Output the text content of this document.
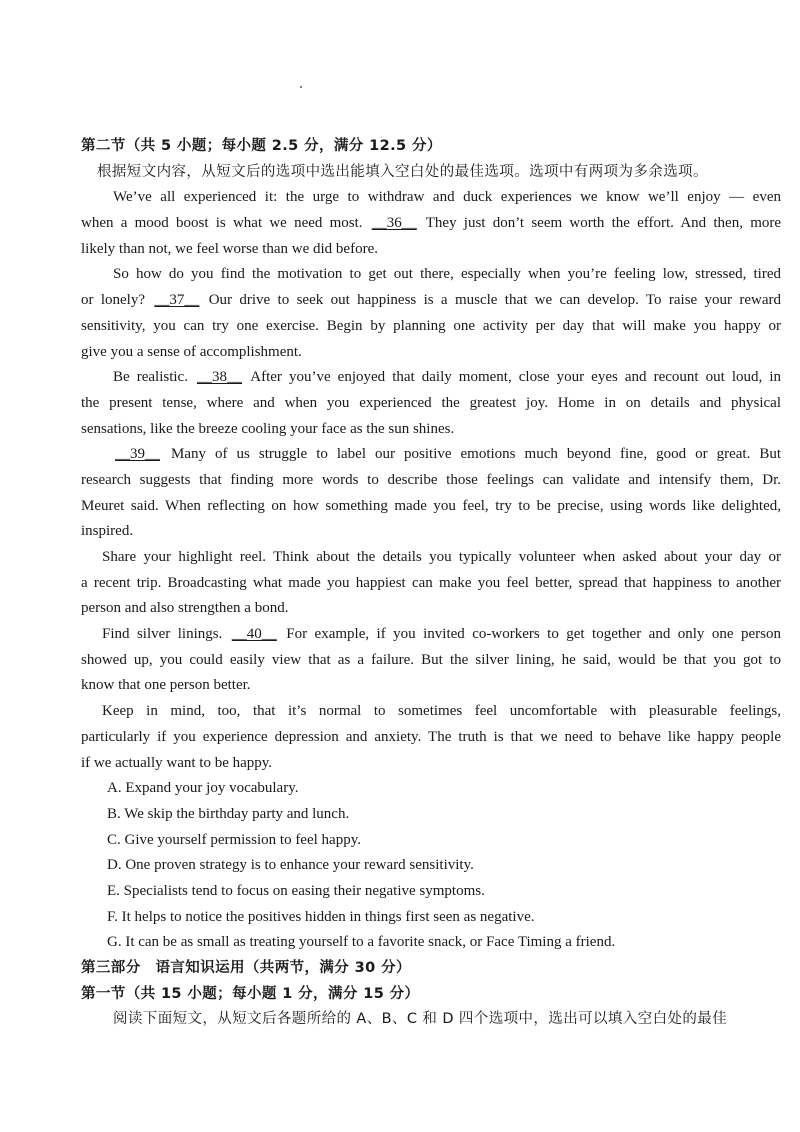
第二节（共 5 小题；每小题 2.5 分，满分 12.5 分）
根据短文内容，从短文后的选项中选出能填入空白处的最佳选项。选项中有两项为多余选项。
We’ve all experienced it: the urge to withdraw and duck experiences we know we’ll enjoy — even
when a mood boost is what we need most. __36__ They just don’t seem worth the effort. And then, more
likely than not, we feel worse than we did before.
So how do you find the motivation to get out there, especially when you’re feeling low, stressed, tired
or lonely? __37__ Our drive to seek out happiness is a muscle that we can develop. To raise your reward
sensitivity, you can try one exercise. Begin by planning one activity per day that will make you happy or
give you a sense of accomplishment.
Be realistic. __38__ After you’ve enjoyed that daily moment, close your eyes and recount out loud, in
the present tense, where and when you experienced the greatest joy. Home in on details and physical
sensations, like the breeze cooling your face as the sun shines.
__39__ Many of us struggle to label our positive emotions much beyond fine, good or great. But
research suggests that finding more words to describe those feelings can validate and intensify them, Dr.
Meuret said. When reflecting on how something made you feel, try to be precise, using words like delighted,
inspired.
Share your highlight reel. Think about the details you typically volunteer when asked about your day or
a recent trip. Broadcasting what made you happiest can make you feel better, spread that happiness to another
person and also strengthen a bond.
Find silver linings. __40__ For example, if you invited co-workers to get together and only one person
showed up, you could easily view that as a failure. But the silver lining, he said, would be that you got to
know that one person better.
Keep in mind, too, that it’s normal to sometimes feel uncomfortable with pleasurable feelings,
particularly if you experience depression and anxiety. The truth is that we need to behave like happy people
if we actually want to be happy.
A. Expand your joy vocabulary.
B. We skip the birthday party and lunch.
C. Give yourself permission to feel happy.
D. One proven strategy is to enhance your reward sensitivity.
E. Specialists tend to focus on easing their negative symptoms.
F. It helps to notice the positives hidden in things first seen as negative.
G. It can be as small as treating yourself to a favorite snack, or Face Timing a friend.
第三部分　语言知识运用（共两节，满分 30 分）
第一节（共 15 小题；每小题 1 分，满分 15 分）
阅读下面短文，从短文后各题所给的 A、B、C 和 D 四个选项中，选出可以填入空白处的最佳
